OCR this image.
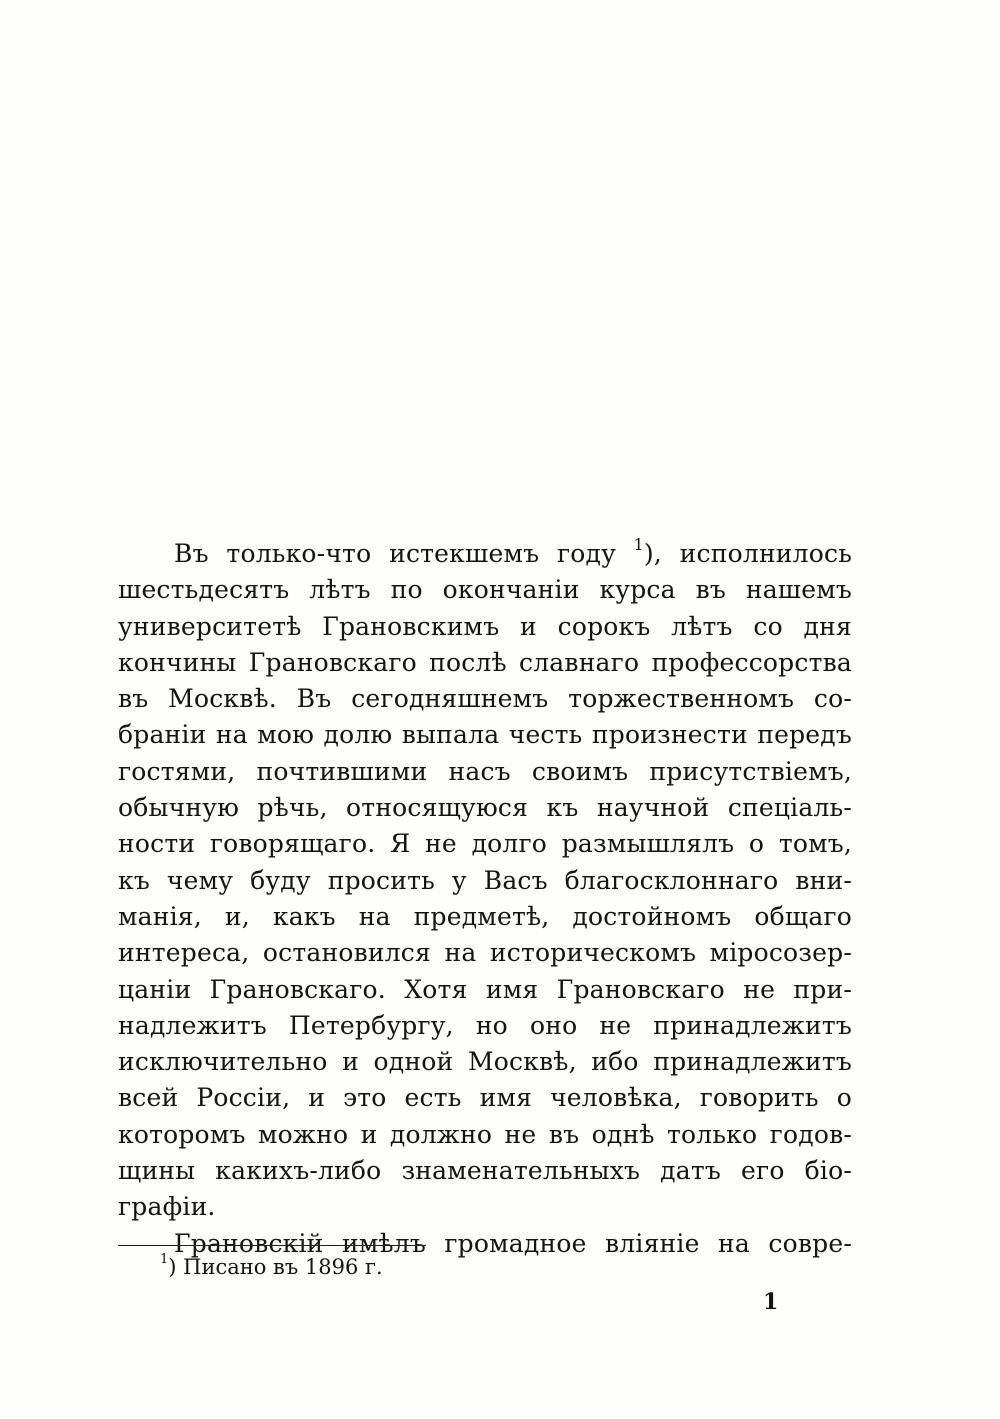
Въ только-что истекшемъ году $^1$), исполнилось
шестьдесятъ лѣтъ по окончаніи курса въ нашемъ
университетѣ Грановскимъ и сорокъ лѣтъ со дня
кончины Грановскаго послѣ славнаго профессорства
въ Москвѣ. Въ сегодняшнемъ торжественномъ со-
браніи на мою долю выпала честь произнести передъ
гостями, почтившими насъ своимъ присутствіемъ,
обычную рѣчь, относящуюся къ научной спеціаль-
ности говорящаго. Я не долго размышлялъ о томъ,
къ чему буду просить у Васъ благосклоннаго вни-
манія, и, какъ на предметѣ, достойномъ общаго
интереса, остановился на историческомъ міросозер-
цаніи Грановскаго. Хотя имя Грановскаго не при-
надлежитъ Петербургу, но оно не принадлежитъ
исключительно и одной Москвѣ, ибо принадлежитъ
всей Россіи, и это есть имя человѣка, говорить о
которомъ можно и должно не въ однѣ только годов-
щины какихъ-либо знаменательныхъ датъ его біо-
графіи.
Грановскій имѣлъ громадное вліяніе на совре-
$^1$) Писано въ 1896 г.
1
